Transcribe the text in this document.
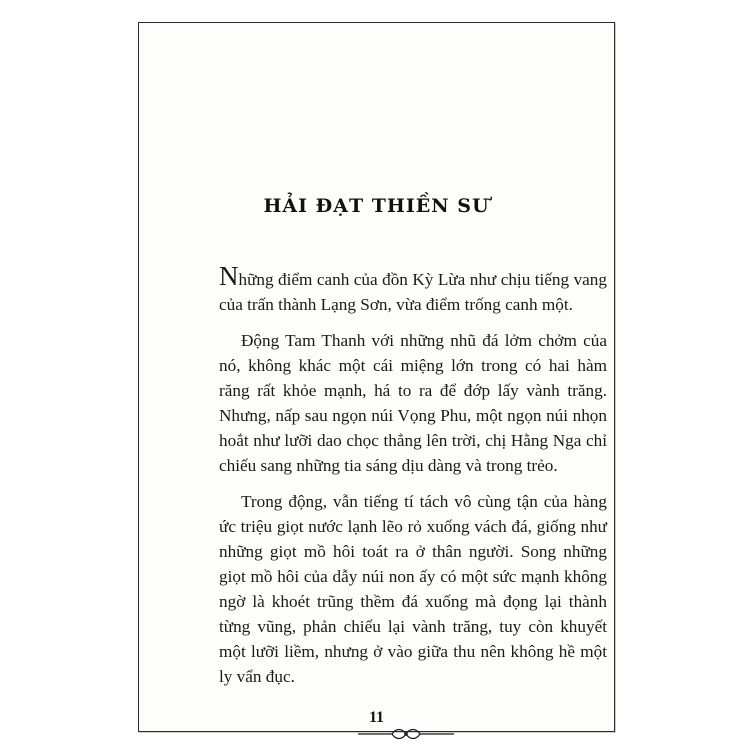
HẢI ĐẠT THIỀN SƯ

Những điểm canh của đồn Kỳ Lừa như chịu tiếng vang của trấn thành Lạng Sơn, vừa điểm trống canh một.

Động Tam Thanh với những nhũ đá lởm chởm của nó, không khác một cái miệng lớn trong có hai hàm răng rất khỏe mạnh, há to ra để đớp lấy vành trăng. Nhưng, nấp sau ngọn núi Vọng Phu, một ngọn núi nhọn hoắt như lưỡi dao chọc thẳng lên trời, chị Hằng Nga chỉ chiếu sang những tia sáng dịu dàng và trong trẻo.

Trong động, vẫn tiếng tí tách vô cùng tận của hàng ức triệu giọt nước lạnh lẽo rỏ xuống vách đá, giống như những giọt mồ hôi toát ra ở thân người. Song những giọt mồ hôi của dẫy núi non ấy có một sức mạnh không ngờ là khoét trũng thềm đá xuống mà đọng lại thành từng vũng, phản chiếu lại vành trăng, tuy còn khuyết một lưỡi liềm, nhưng ở vào giữa thu nên không hề một ly vẩn đục.

11
